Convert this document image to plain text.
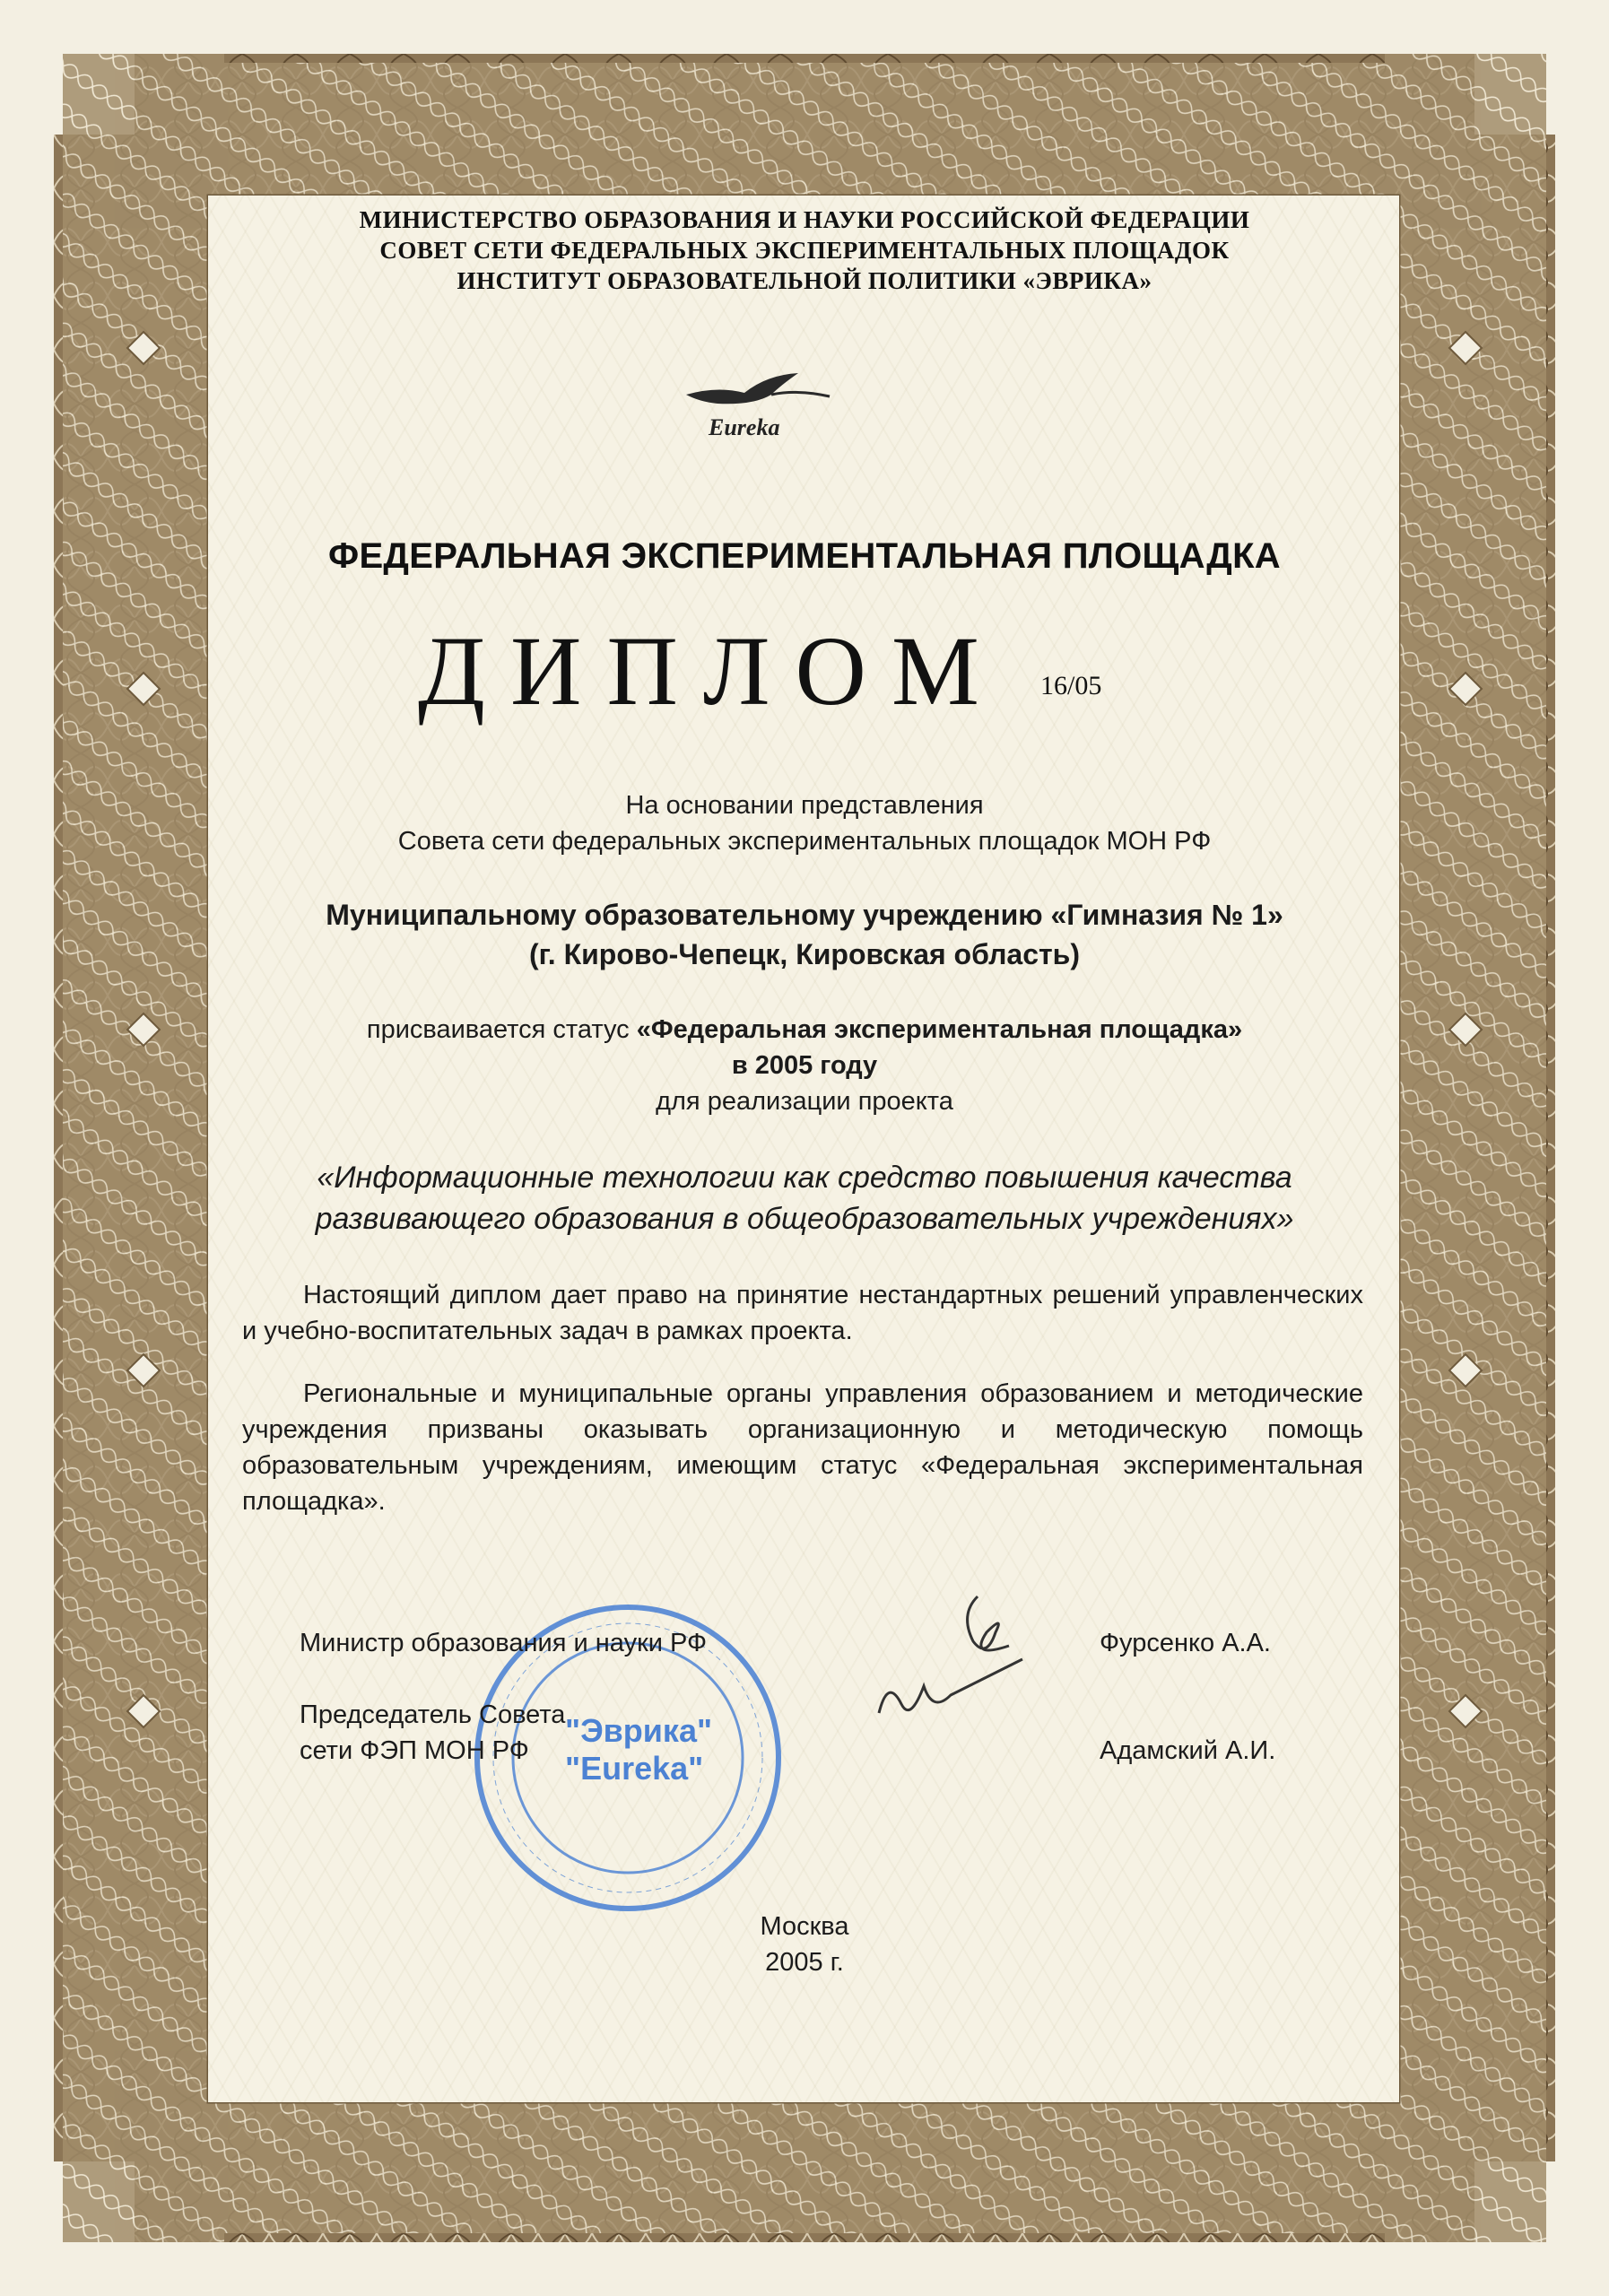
МИНИСТЕРСТВО ОБРАЗОВАНИЯ И НАУКИ РОССИЙСКОЙ ФЕДЕРАЦИИ
СОВЕТ СЕТИ ФЕДЕРАЛЬНЫХ ЭКСПЕРИМЕНТАЛЬНЫХ ПЛОЩАДОК
ИНСТИТУТ ОБРАЗОВАТЕЛЬНОЙ ПОЛИТИКИ «ЭВРИКА»
Eureka
ФЕДЕРАЛЬНАЯ ЭКСПЕРИМЕНТАЛЬНАЯ ПЛОЩАДКА
ДИПЛОМ 16/05
На основании представления
Совета сети федеральных экспериментальных площадок МОН РФ
Муниципальному образовательному учреждению «Гимназия № 1»
(г. Кирово-Чепецк, Кировская область)
присваивается статус «Федеральная экспериментальная площадка»
в 2005 году
для реализации проекта
«Информационные технологии как средство повышения качества
развивающего образования в общеобразовательных учреждениях»
Настоящий диплом дает право на принятие нестандартных решений управленческих и учебно-воспитательных задач в рамках проекта.
Региональные и муниципальные органы управления образованием и методические учреждения призваны оказывать организационную и методическую помощь образовательным учреждениям, имеющим статус «Федеральная экспериментальная площадка».
"Эврика"
"Eureka"
Министр образования и науки РФ	Фурсенко А.А.
Председатель Совета
сети ФЭП МОН РФ	Адамский А.И.
Москва
2005 г.
